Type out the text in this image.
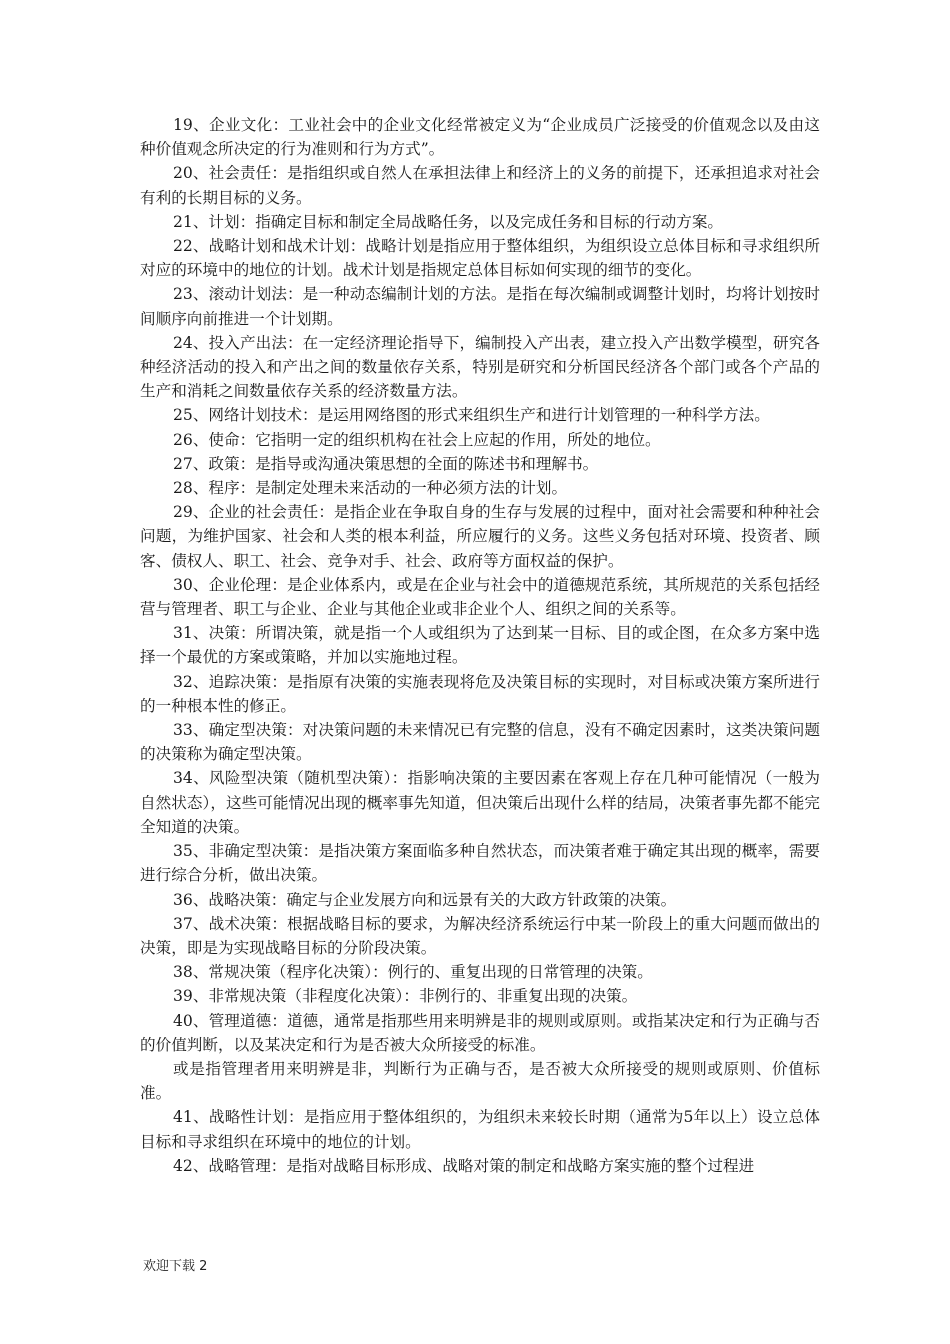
19、企业文化：工业社会中的企业文化经常被定义为“企业成员广泛接受的价值观念以及由这种价值观念所决定的行为准则和行为方式”。

20、社会责任：是指组织或自然人在承担法律上和经济上的义务的前提下，还承担追求对社会有利的长期目标的义务。

21、计划：指确定目标和制定全局战略任务，以及完成任务和目标的行动方案。

22、战略计划和战术计划：战略计划是指应用于整体组织，为组织设立总体目标和寻求组织所对应的环境中的地位的计划。战术计划是指规定总体目标如何实现的细节的变化。

23、滚动计划法：是一种动态编制计划的方法。是指在每次编制或调整计划时，均将计划按时间顺序向前推进一个计划期。

24、投入产出法：在一定经济理论指导下，编制投入产出表，建立投入产出数学模型，研究各种经济活动的投入和产出之间的数量依存关系，特别是研究和分析国民经济各个部门或各个产品的生产和消耗之间数量依存关系的经济数量方法。

25、网络计划技术：是运用网络图的形式来组织生产和进行计划管理的一种科学方法。

26、使命：它指明一定的组织机构在社会上应起的作用，所处的地位。

27、政策：是指导或沟通决策思想的全面的陈述书和理解书。

28、程序：是制定处理未来活动的一种必须方法的计划。

29、企业的社会责任：是指企业在争取自身的生存与发展的过程中，面对社会需要和种种社会问题，为维护国家、社会和人类的根本利益，所应履行的义务。这些义务包括对环境、投资者、顾客、债权人、职工、社会、竞争对手、社会、政府等方面权益的保护。

30、企业伦理：是企业体系内，或是在企业与社会中的道德规范系统，其所规范的关系包括经营与管理者、职工与企业、企业与其他企业或非企业个人、组织之间的关系等。

31、决策：所谓决策，就是指一个人或组织为了达到某一目标、目的或企图，在众多方案中选择一个最优的方案或策略，并加以实施地过程。

32、追踪决策：是指原有决策的实施表现将危及决策目标的实现时，对目标或决策方案所进行的一种根本性的修正。

33、确定型决策：对决策问题的未来情况已有完整的信息，没有不确定因素时，这类决策问题的决策称为确定型决策。

34、风险型决策（随机型决策）：指影响决策的主要因素在客观上存在几种可能情况（一般为自然状态），这些可能情况出现的概率事先知道，但决策后出现什么样的结局，决策者事先都不能完全知道的决策。

35、非确定型决策：是指决策方案面临多种自然状态，而决策者难于确定其出现的概率，需要进行综合分析，做出决策。

36、战略决策：确定与企业发展方向和远景有关的大政方针政策的决策。

37、战术决策：根据战略目标的要求，为解决经济系统运行中某一阶段上的重大问题而做出的决策，即是为实现战略目标的分阶段决策。

38、常规决策（程序化决策）：例行的、重复出现的日常管理的决策。

39、非常规决策（非程度化决策）：非例行的、非重复出现的决策。

40、管理道德：道德，通常是指那些用来明辨是非的规则或原则。或指某决定和行为正确与否的价值判断，以及某决定和行为是否被大众所接受的标准。

或是指管理者用来明辨是非，判断行为正确与否，是否被大众所接受的规则或原则、价值标准。

41、战略性计划：是指应用于整体组织的，为组织未来较长时期（通常为5年以上）设立总体目标和寻求组织在环境中的地位的计划。

42、战略管理：是指对战略目标形成、战略对策的制定和战略方案实施的整个过程进

欢迎下载 2
